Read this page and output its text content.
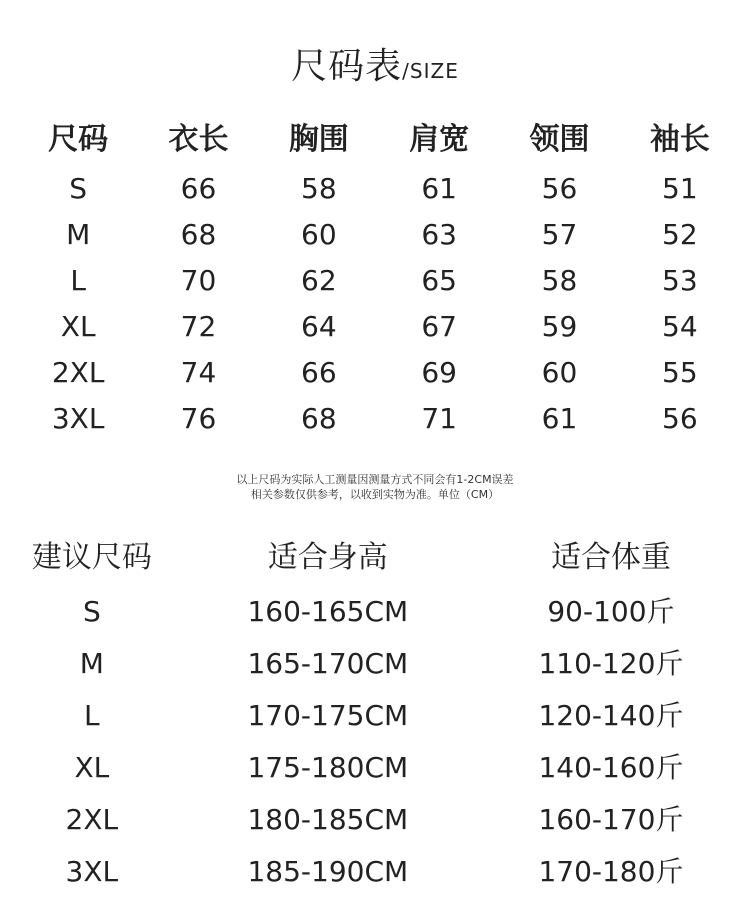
尺码表/SIZE
尺码	衣长	胸围	肩宽	领围	袖长
S	66	58	61	56	51
M	68	60	63	57	52
L	70	62	65	58	53
XL	72	64	67	59	54
2XL	74	66	69	60	55
3XL	76	68	71	61	56
以上尺码为实际人工测量因测量方式不同会有1-2CM误差
相关参数仅供参考，以收到实物为准。单位（CM）
建议尺码	适合身高	适合体重
S	160-165CM	90-100斤
M	165-170CM	110-120斤
L	170-175CM	120-140斤
XL	175-180CM	140-160斤
2XL	180-185CM	160-170斤
3XL	185-190CM	170-180斤
